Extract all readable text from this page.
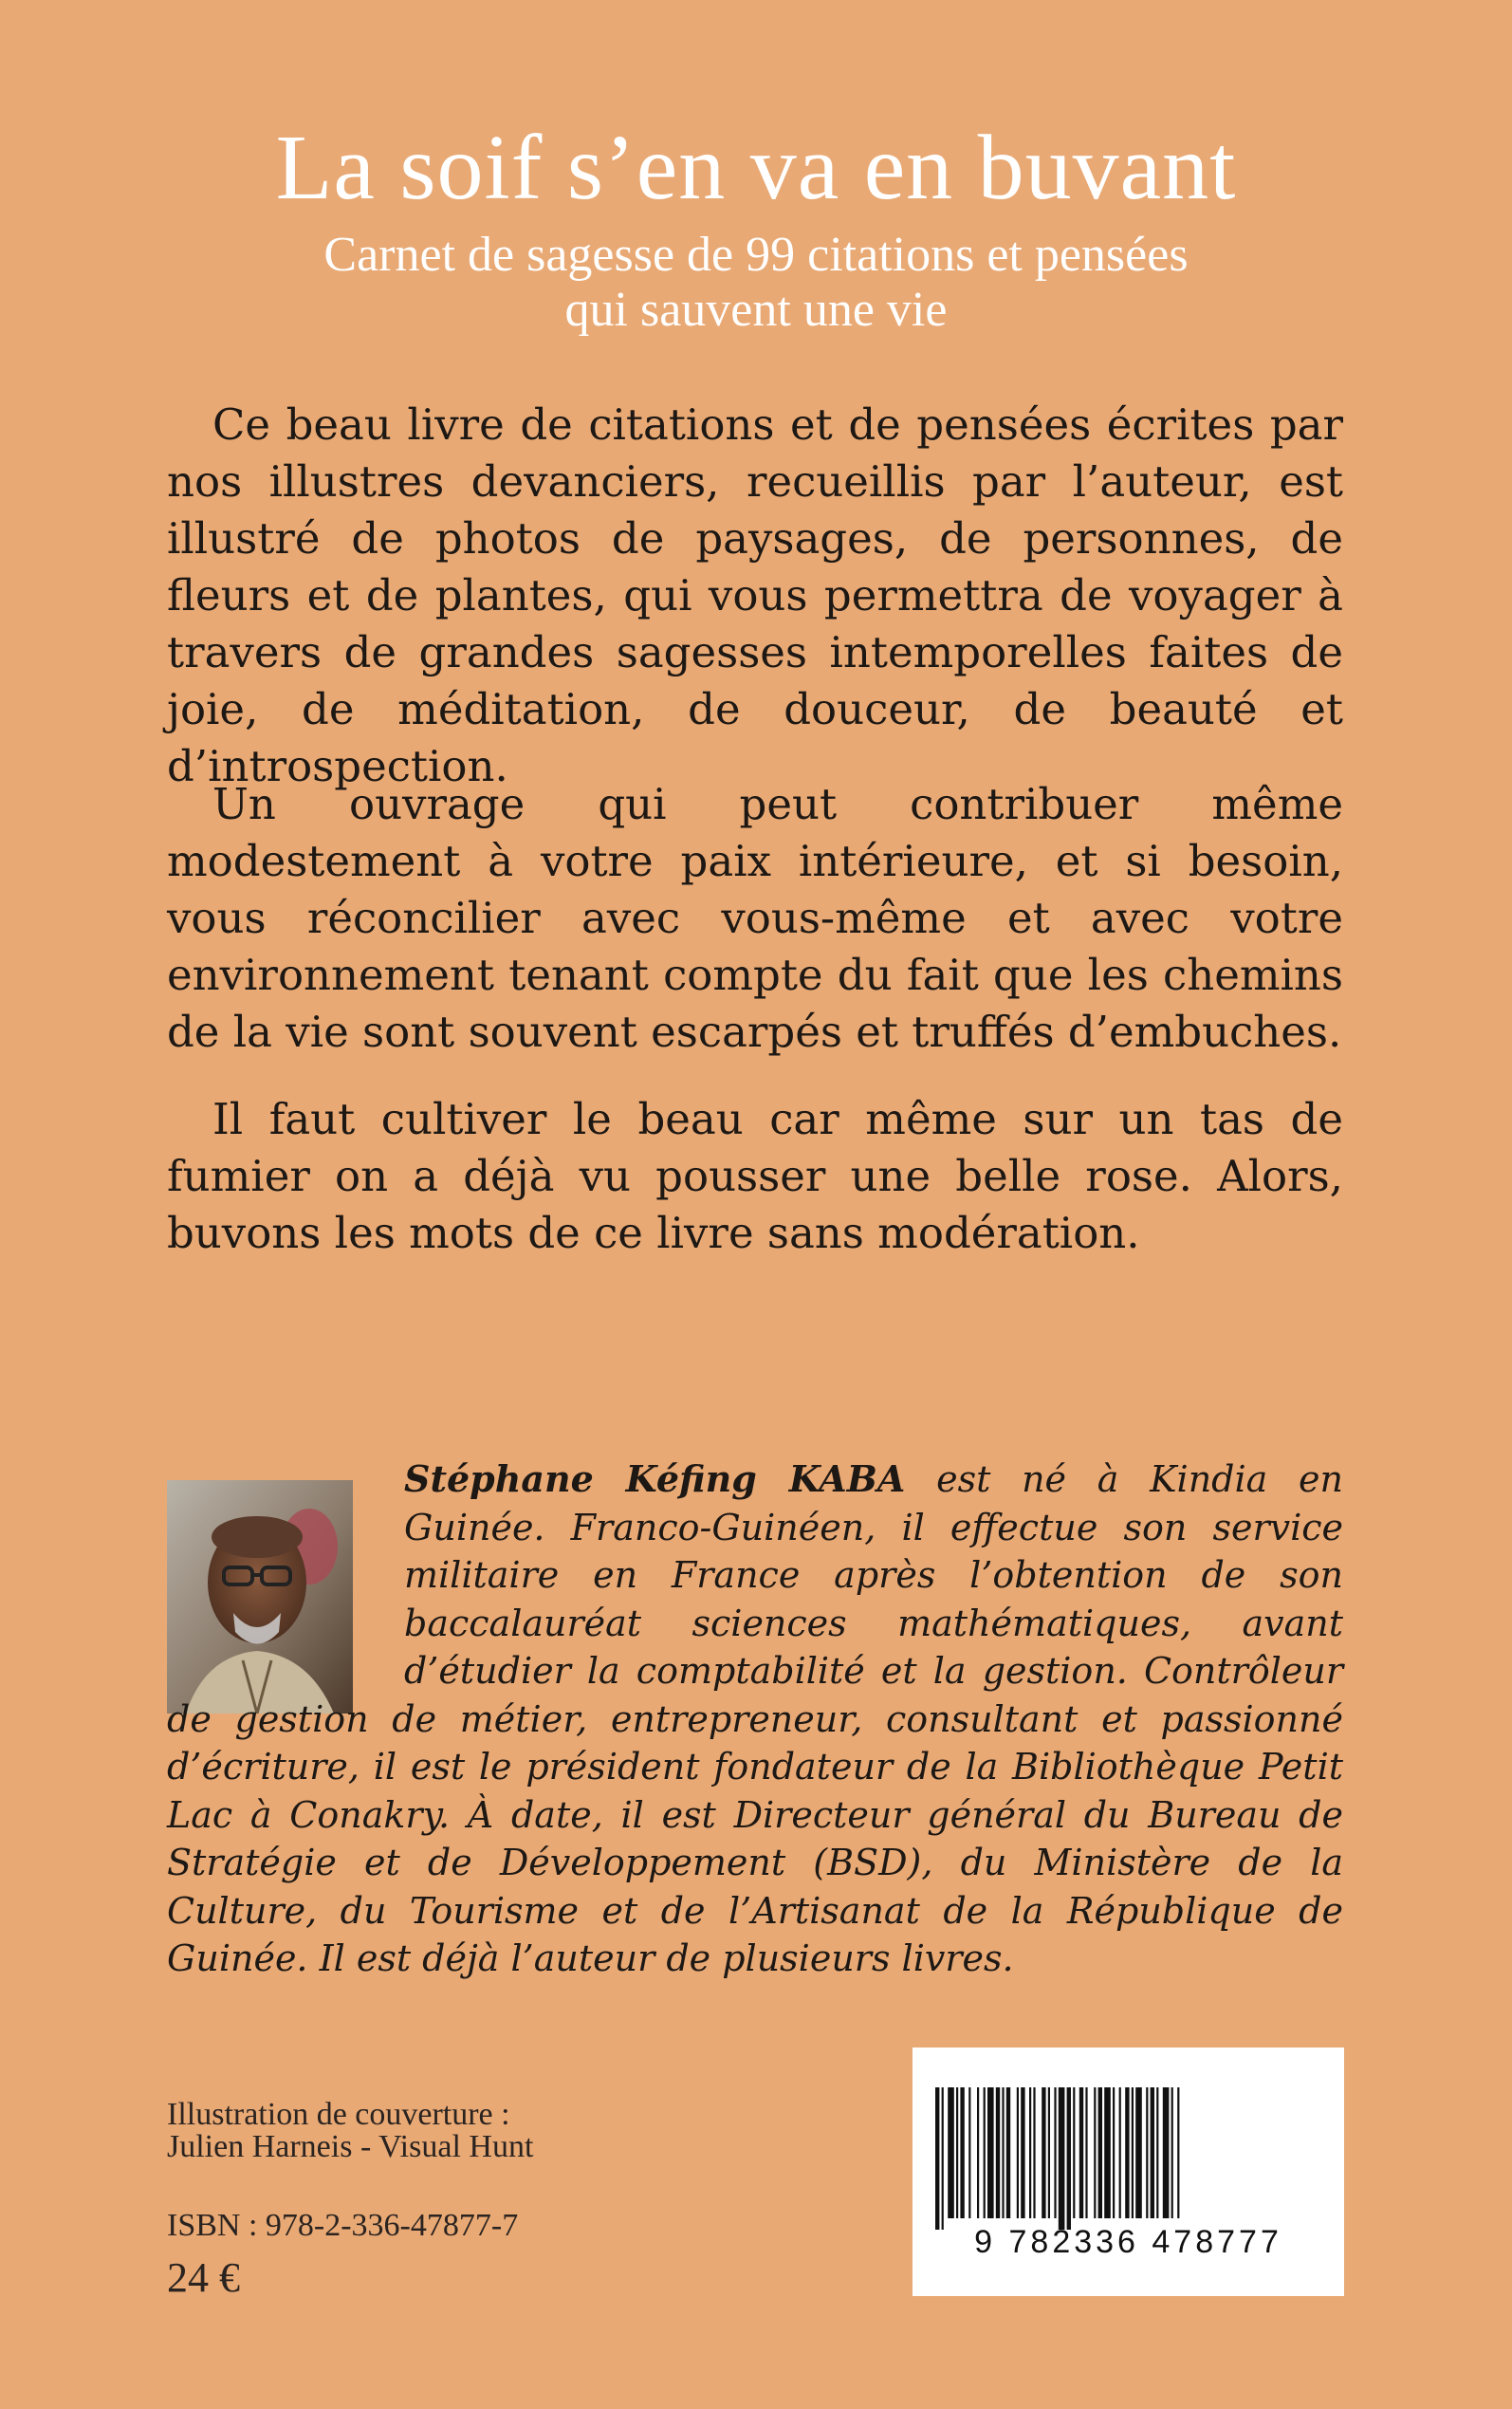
La soif s’en va en buvant
Carnet de sagesse de 99 citations et pensées
qui sauvent une vie

Ce beau livre de citations et de pensées écrites par nos illustres devanciers, recueillis par l’auteur, est illustré de photos de paysages, de personnes, de fleurs et de plantes, qui vous permettra de voyager à travers de grandes sagesses intemporelles faites de joie, de méditation, de douceur, de beauté et d’introspection.

Un ouvrage qui peut contribuer même modestement à votre paix intérieure, et si besoin, vous réconcilier avec vous-même et avec votre environnement tenant compte du fait que les chemins de la vie sont souvent escarpés et truffés d’embuches.

Il faut cultiver le beau car même sur un tas de fumier on a déjà vu pousser une belle rose. Alors, buvons les mots de ce livre sans modération.

Stéphane Kéfing KABA est né à Kindia en Guinée. Franco-Guinéen, il effectue son service militaire en France après l’obtention de son baccalauréat sciences mathématiques, avant d’étudier la comptabilité et la gestion. Contrôleur de gestion de métier, entrepreneur, consultant et passionné d’écriture, il est le président fondateur de la Bibliothèque Petit Lac à Conakry. À date, il est Directeur général du Bureau de Stratégie et de Développement (BSD), du Ministère de la Culture, du Tourisme et de l’Artisanat de la République de Guinée. Il est déjà l’auteur de plusieurs livres.

Illustration de couverture :
Julien Harneis - Visual Hunt
ISBN : 978-2-336-47877-7
24 €
9 782336 478777
